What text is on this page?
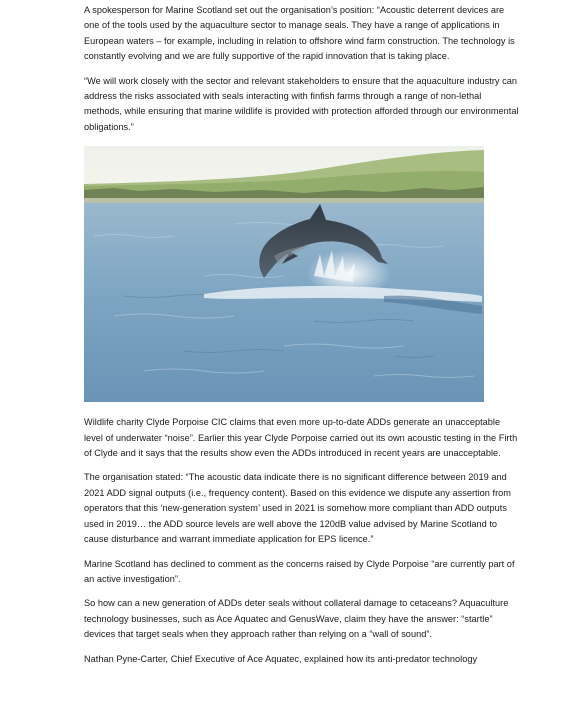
A spokesperson for Marine Scotland set out the organisation’s position: “Acoustic deterrent devices are one of the tools used by the aquaculture sector to manage seals. They have a range of applications in European waters – for example, including in relation to offshore wind farm construction. The technology is constantly evolving and we are fully supportive of the rapid innovation that is taking place.

“We will work closely with the sector and relevant stakeholders to ensure that the aquaculture industry can address the risks associated with seals interacting with finfish farms through a range of non-lethal methods, while ensuring that marine wildlife is provided with protection afforded through our environmental obligations.”

Wildlife charity Clyde Porpoise CIC claims that even more up-to-date ADDs generate an unacceptable level of underwater “noise”. Earlier this year Clyde Porpoise carried out its own acoustic testing in the Firth of Clyde and it says that the results show even the ADDs introduced in recent years are unacceptable.

The organisation stated: “The acoustic data indicate there is no significant difference between 2019 and 2021 ADD signal outputs (i.e., frequency content). Based on this evidence we dispute any assertion from operators that this ‘new-generation system’ used in 2021 is somehow more compliant than ADD outputs used in 2019… the ADD source levels are well above the 120dB value advised by Marine Scotland to cause disturbance and warrant immediate application for EPS licence.”

Marine Scotland has declined to comment as the concerns raised by Clyde Porpoise “are currently part of an active investigation”.

So how can a new generation of ADDs deter seals without collateral damage to cetaceans? Aquaculture technology businesses, such as Ace Aquatec and GenusWave, claim they have the answer: “startle” devices that target seals when they approach rather than relying on a “wall of sound”.

Nathan Pyne-Carter, Chief Executive of Ace Aquatec, explained how its anti-predator technology
